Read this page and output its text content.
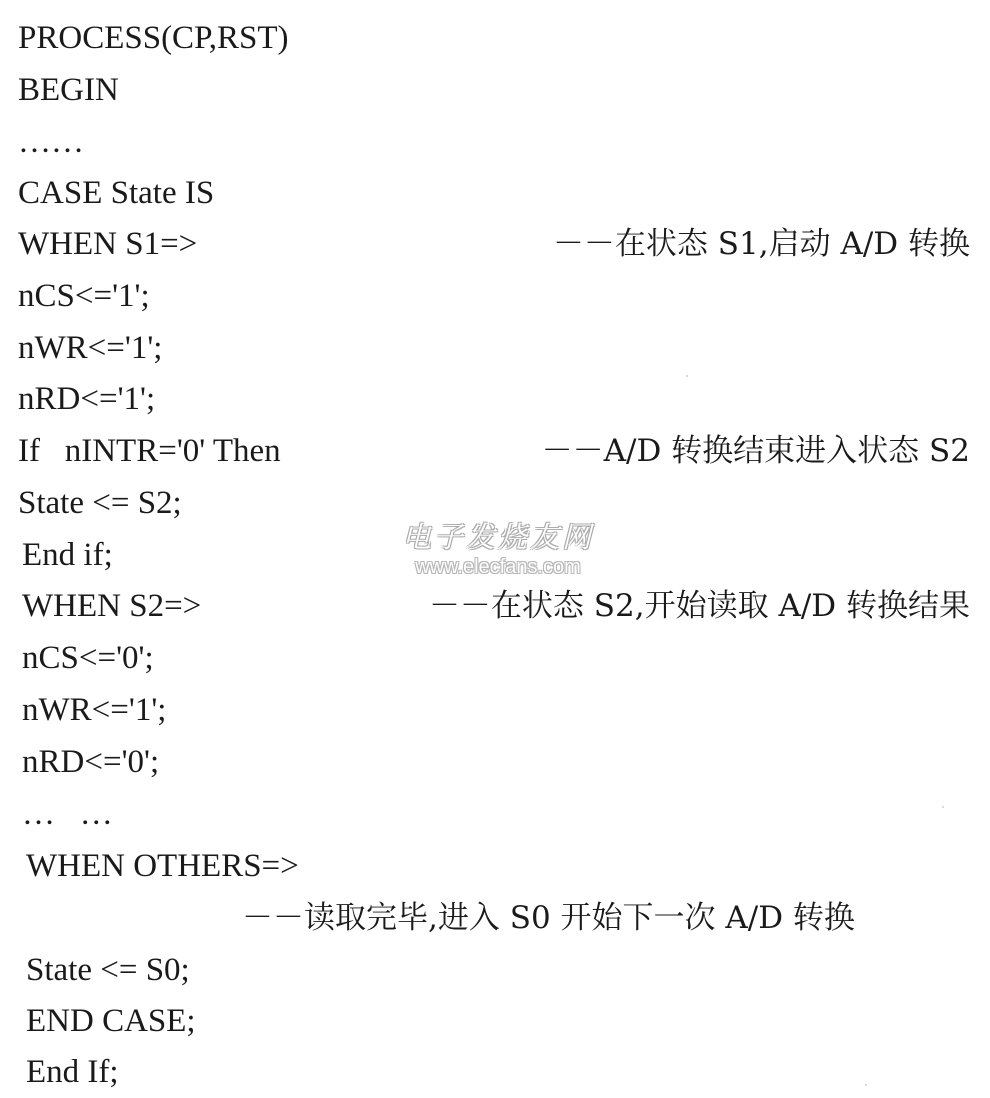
PROCESS(CP,RST)
BEGIN
……
CASE State IS
WHEN S1=>	－－在状态 S1,启动 A/D 转换
nCS<='1';
nWR<='1';
nRD<='1';
If   nINTR='0' Then	－－A/D 转换结束进入状态 S2
State <= S2;
End if;
WHEN S2=>	－－在状态 S2,开始读取 A/D 转换结果
nCS<='0';
nWR<='1';
nRD<='0';
…   …
WHEN OTHERS=>
－－读取完毕,进入 S0 开始下一次 A/D 转换
State <= S0;
END CASE;
End If;
电子发烧友网
www.elecfans.com
